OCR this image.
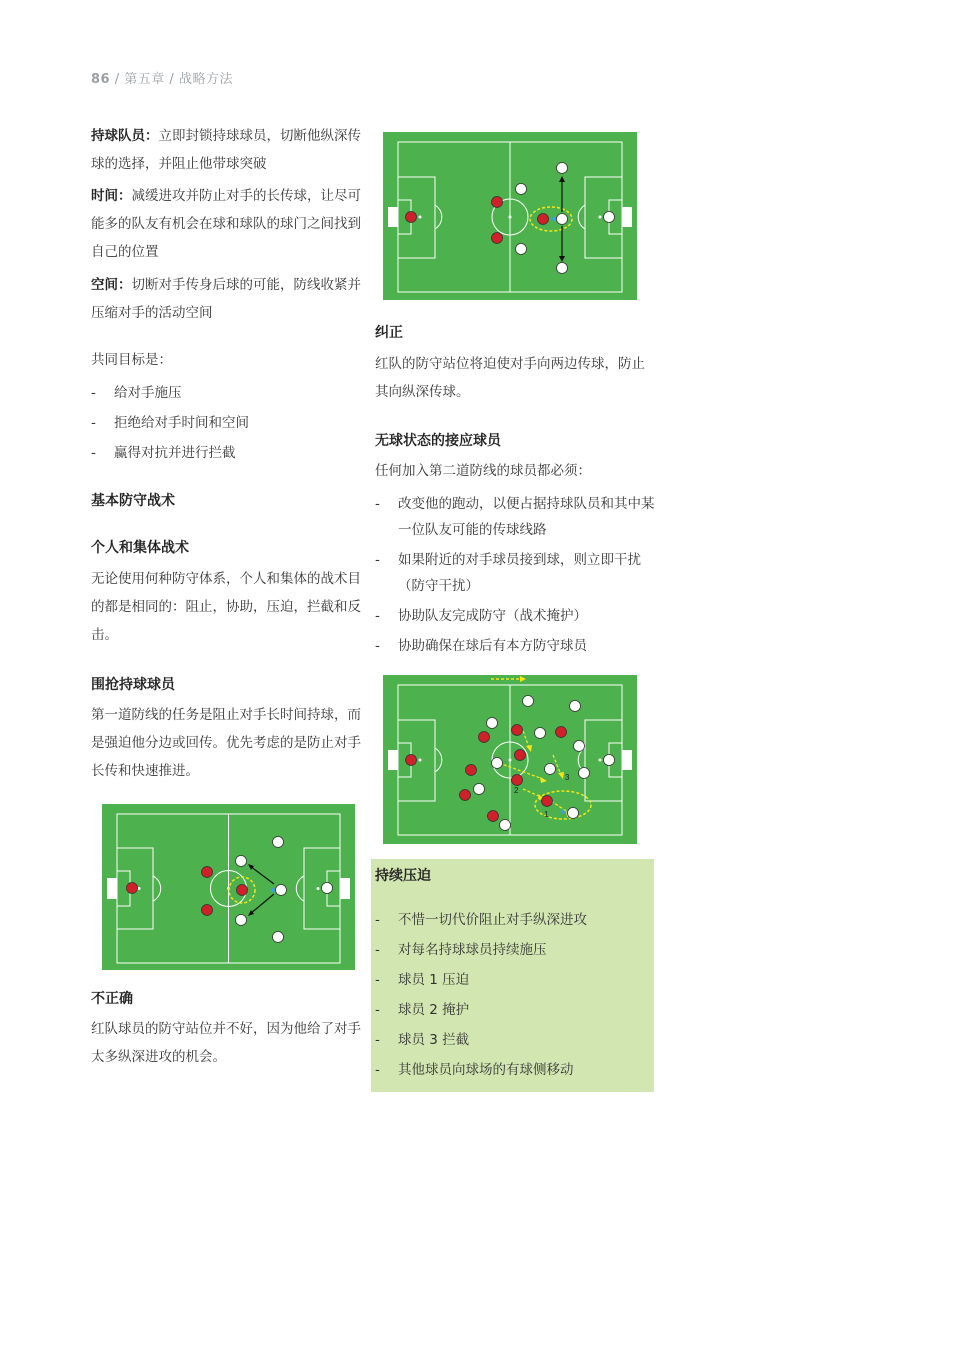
86 / 第五章 / 战略方法
持球队员：立即封锁持球球员，切断他纵深传球的选择，并阻止他带球突破
时间：减缓进攻并防止对手的长传球，让尽可能多的队友有机会在球和球队的球门之间找到自己的位置
空间：切断对手传身后球的可能，防线收紧并压缩对手的活动空间
共同目标是：
- 给对手施压
- 拒绝给对手时间和空间
- 赢得对抗并进行拦截
基本防守战术
个人和集体战术
无论使用何种防守体系，个人和集体的战术目的都是相同的：阻止，协助，压迫，拦截和反击。
围抢持球球员
第一道防线的任务是阻止对手长时间持球，而是强迫他分边或回传。优先考虑的是防止对手长传和快速推进。
不正确
红队球员的防守站位并不好，因为他给了对手太多纵深进攻的机会。
纠正
红队的防守站位将迫使对手向两边传球，防止其向纵深传球。
无球状态的接应球员
任何加入第二道防线的球员都必须：
- 改变他的跑动，以便占据持球队员和其中某一位队友可能的传球线路
- 如果附近的对手球员接到球，则立即干扰（防守干扰）
- 协助队友完成防守（战术掩护）
- 协助确保在球后有本方防守球员
1
2
3
持续压迫
- 不惜一切代价阻止对手纵深进攻
- 对每名持球球员持续施压
- 球员 1 压迫
- 球员 2 掩护
- 球员 3 拦截
- 其他球员向球场的有球侧移动
